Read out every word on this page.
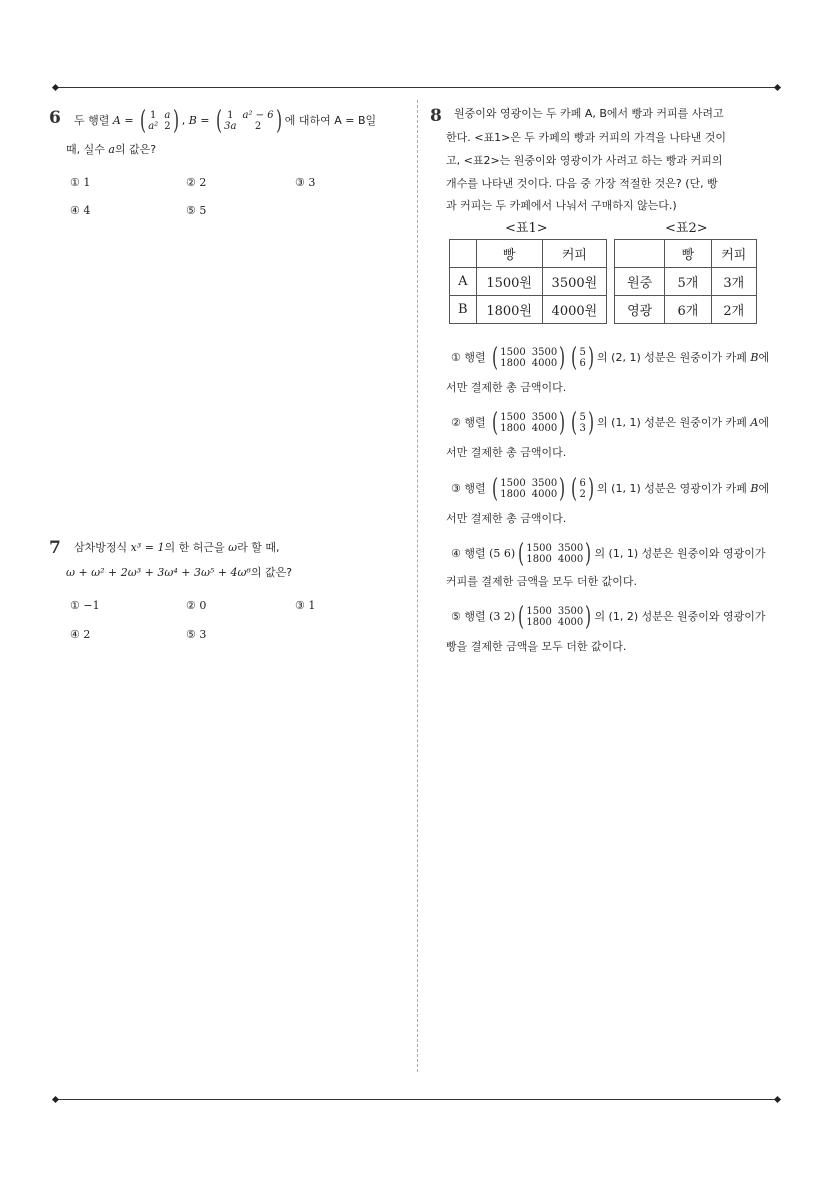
6 두 행렬 A = ( 1 a
a² 2 ) , B = ( 1 a² − 6
3a	2 ) 에 대하여 A = B일
때, 실수 a의 값은?
① 1	② 2	③ 3
④ 4	⑤ 5
7 삼차방정식 x³ = 1의 한 허근을 ω라 할 때,
ω + ω² + 2ω³ + 3ω⁴ + 3ω⁵ + 4ω⁶의 값은?
① −1	② 0	③ 1
④ 2	⑤ 3
8 원중이와 영광이는 두 카페 A, B에서 빵과 커피를 사려고
한다. <표1>은 두 카페의 빵과 커피의 가격을 나타낸 것이
고, <표2>는 원중이와 영광이가 사려고 하는 빵과 커피의
개수를 나타낸 것이다. 다음 중 가장 적절한 것은? (단, 빵
과 커피는 두 카페에서 나눠서 구매하지 않는다.)
<표1>	<표2>
	빵	커피
A	1500원	3500원
B	1800원	4000원
	빵	커피
원중	5개	3개
영광	6개	2개
① 행렬 ( 1500 3500
1800 4000 ) ( 5
6 ) 의 (2, 1) 성분은 원중이가 카페 B에
서만 결제한 총 금액이다.
② 행렬 ( 1500 3500
1800 4000 ) ( 5
3 ) 의 (1, 1) 성분은 원중이가 카페 A에
서만 결제한 총 금액이다.
③ 행렬 ( 1500 3500
1800 4000 ) ( 6
2 ) 의 (1, 1) 성분은 영광이가 카페 B에
서만 결제한 총 금액이다.
④ 행렬 (5 6) ( 1500 3500
1800 4000 ) 의 (1, 1) 성분은 원중이와 영광이가
커피를 결제한 금액을 모두 더한 값이다.
⑤ 행렬 (3 2) ( 1500 3500
1800 4000 ) 의 (1, 2) 성분은 원중이와 영광이가
빵을 결제한 금액을 모두 더한 값이다.
